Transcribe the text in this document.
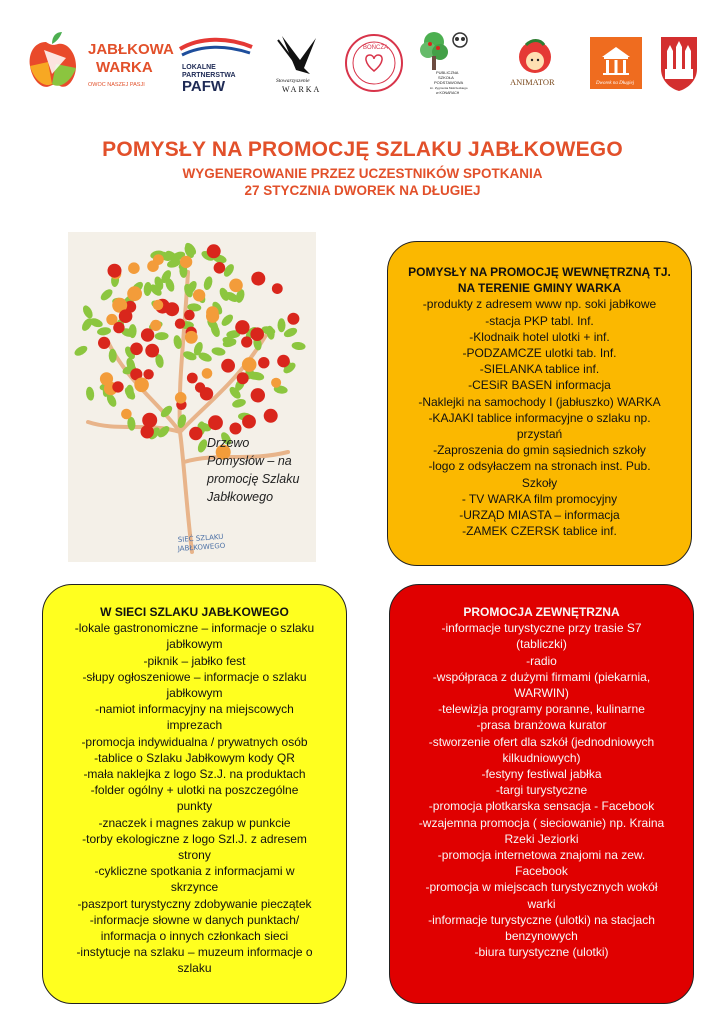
JABŁKOWA
WARKA
OWOC NASZEJ PASJI
LOKALNE
PARTNERSTWA
PAFW	Stowarzyszenie
WARKA
BOŃCZA
PUBLICZNA
SZKOŁA
PODSTAWOWA
im. Zygmunta Mokrzeckiego
w KONARACH
ANIMATOR	Dworek na Długiej
POMYSŁY NA PROMOCJĘ SZLAKU JABŁKOWEGO
WYGENEROWANIE PRZEZ UCZESTNIKÓW SPOTKANIA
27 STYCZNIA DWOREK NA DŁUGIEJ
SIEĆ SZLAKU
JABŁKOWEGO
Drzewo
Pomysłów – na
promocję Szlaku
Jabłkowego
POMYSŁY NA PROMOCJĘ WEWNĘTRZNĄ TJ.
NA TERENIE GMINY WARKA
-produkty z adresem www np. soki jabłkowe
-stacja PKP tabl. Inf.
-Klodnaik hotel ulotki + inf.
-PODZAMCZE ulotki tab. Inf.
-SIELANKA tablice inf.
-CESiR BASEN informacja
-Naklejki na samochody I (jabłuszko) WARKA
-KAJAKI tablice informacyjne o szlaku np.
przystań
-Zaproszenia do gmin sąsiednich szkoły
-logo z odsyłaczem na stronach inst. Pub.
Szkoły
- TV WARKA film promocyjny
-URZĄD MIASTA – informacja
-ZAMEK CZERSK tablice inf.
W SIECI SZLAKU JABŁKOWEGO
-lokale gastronomiczne – informacje o szlaku
jabłkowym
-piknik – jabłko fest
-słupy ogłoszeniowe – informacje o szlaku
jabłkowym
-namiot informacyjny na miejscowych
imprezach
-promocja indywidualna / prywatnych osób
-tablice o Szlaku Jabłkowym kody QR
-mała naklejka z logo Sz.J. na produktach
-folder ogólny + ulotki na poszczególne
punkty
-znaczek i magnes zakup w punkcie
-torby ekologiczne z logo Szl.J. z adresem
strony
-cykliczne spotkania z informacjami w
skrzynce
-paszport turystyczny zdobywanie pieczątek
-informacje słowne w danych punktach/
informacja o innych członkach sieci
-instytucje na szlaku – muzeum informacje o
szlaku
PROMOCJA ZEWNĘTRZNA
-informacje turystyczne przy trasie S7
(tabliczki)
-radio
-współpraca z dużymi firmami (piekarnia,
WARWIN)
-telewizja programy poranne, kulinarne
-prasa branżowa kurator
-stworzenie ofert dla szkół (jednodniowych
kilkudniowych)
-festyny festiwal jabłka
-targi turystyczne
-promocja plotkarska sensacja - Facebook
-wzajemna promocja ( sieciowanie) np. Kraina
Rzeki Jeziorki
-promocja internetowa znajomi na zew.
Facebook
-promocja w miejscach turystycznych wokół
warki
-informacje turystyczne (ulotki) na stacjach
benzynowych
-biura turystyczne (ulotki)
